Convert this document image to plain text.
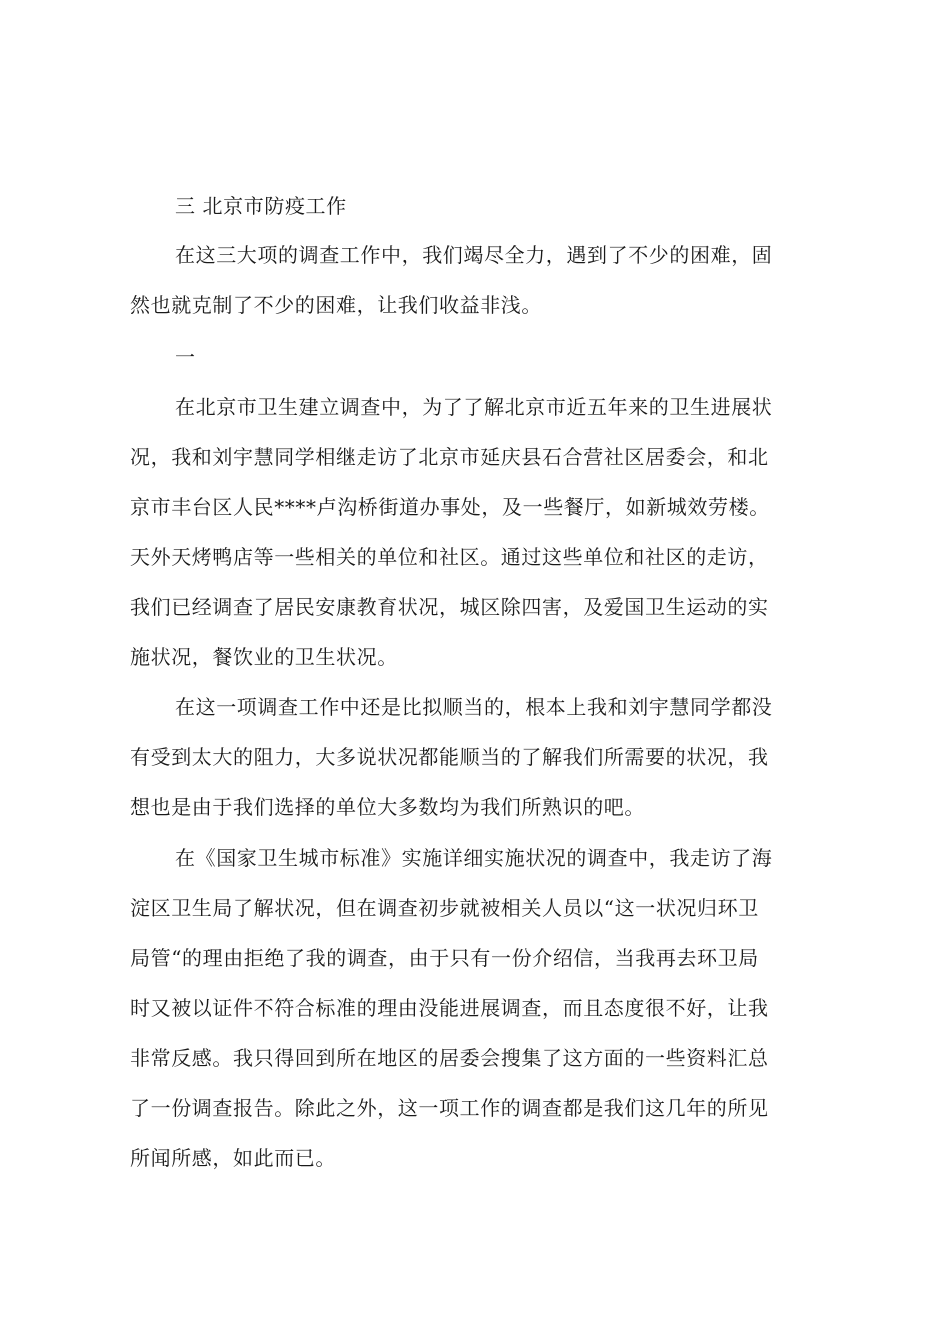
三 北京市防疫工作
在这三大项的调查工作中，我们竭尽全力，遇到了不少的困难，固
然也就克制了不少的困难，让我们收益非浅。
一
在北京市卫生建立调查中，为了了解北京市近五年来的卫生进展状
况，我和刘宇慧同学相继走访了北京市延庆县石合营社区居委会，和北
京市丰台区人民****卢沟桥街道办事处，及一些餐厅，如新城效劳楼。
天外天烤鸭店等一些相关的单位和社区。通过这些单位和社区的走访，
我们已经调查了居民安康教育状况，城区除四害，及爱国卫生运动的实
施状况，餐饮业的卫生状况。
在这一项调查工作中还是比拟顺当的，根本上我和刘宇慧同学都没
有受到太大的阻力，大多说状况都能顺当的了解我们所需要的状况，我
想也是由于我们选择的单位大多数均为我们所熟识的吧。
在《国家卫生城市标准》实施详细实施状况的调查中，我走访了海
淀区卫生局了解状况，但在调查初步就被相关人员以“这一状况归环卫
局管“的理由拒绝了我的调查，由于只有一份介绍信，当我再去环卫局
时又被以证件不符合标准的理由没能进展调查，而且态度很不好，让我
非常反感。我只得回到所在地区的居委会搜集了这方面的一些资料汇总
了一份调查报告。除此之外，这一项工作的调查都是我们这几年的所见
所闻所感，如此而已。
